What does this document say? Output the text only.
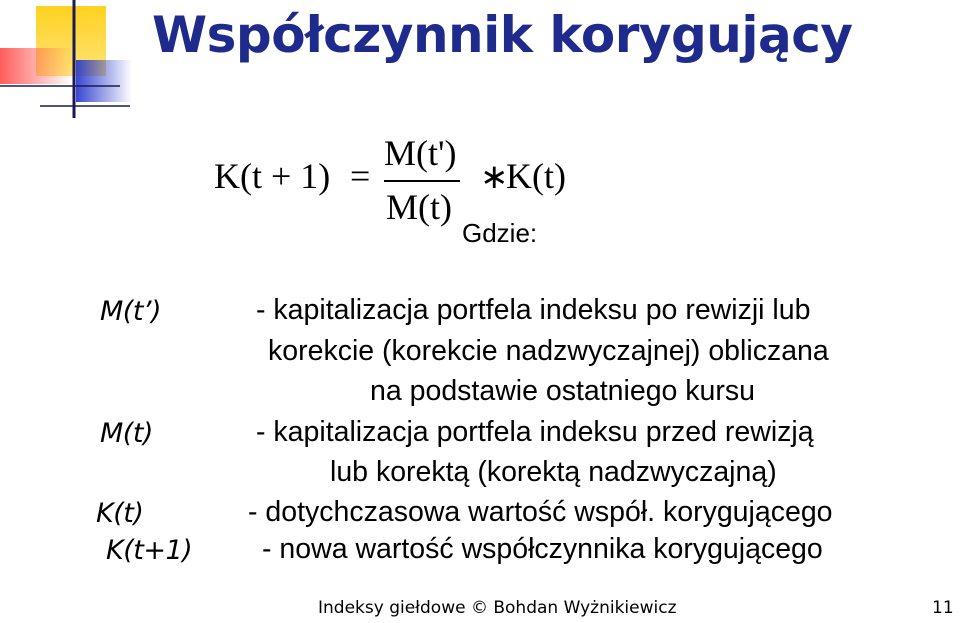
Współczynnik korygujący
K(t + 1) =
M(t')
M(t)
∗
K(t)
Gdzie:
M(t’)	- kapitalizacja portfela indeksu po rewizji lub
korekcie (korekcie nadzwyczajnej) obliczana
na podstawie ostatniego kursu
M(t)	- kapitalizacja portfela indeksu przed rewizją
lub korektą (korektą nadzwyczajną)
K(t)	- dotychczasowa wartość współ. korygującego
K(t+1) - nowa wartość współczynnika korygującego
Indeksy giełdowe © Bohdan Wyżnikiewicz	11
